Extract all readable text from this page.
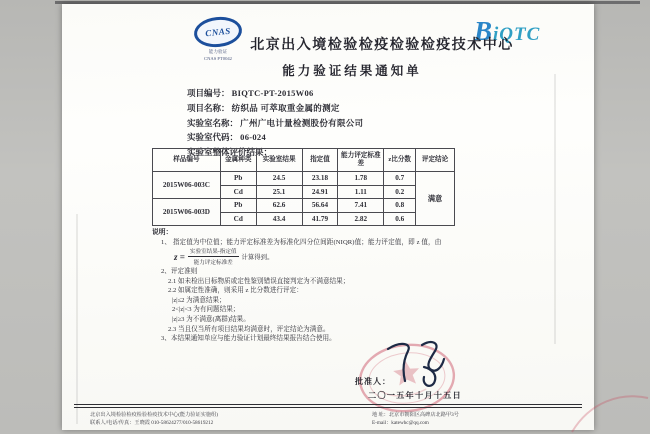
CNAS
能力验证
CNAS PT0042
BiQTC
北京出入境检验检疫检验检疫技术中心
能力验证结果通知单
项目编号： BIQTC-PT-2015W06
项目名称： 纺织品 可萃取重金属的测定
实验室名称： 广州广电计量检测股份有限公司
实验室代码： 06-024
实验室整体评价结果：
样品编号	金属种类	实验室结果	指定值	能力评定标准差	z比分数	评定结论
2015W06-003C	Pb	24.5	23.18	1.78	0.7	满意
	Cd	25.1	24.91	1.11	0.2	
2015W06-003D	Pb	62.6	56.64	7.41	0.8	
	Cd	43.4	41.79	2.82	0.6	
说明：
1、 指定值为中位值；能力评定标准差为标准化四分位间距(NIQR)值；能力评定值，即 z 值，由
$z = \frac{\text{实验室结果-指定值}}{\text{能力评定标准差}}$ 计算得到。
2、评定准则
2.1 如未检出目标物质或定性鉴别错误直接判定为不满意结果；
2.2 如属定性准确，则采用 z 比分数进行评定：
|z|≤2 为满意结果；
2<|z|<3 为有问题结果；
|z|≥3 为不满意(离群)结果。
2.3 当且仅当所有项目结果均满意时，评定结论为满意。
3、本结果通知单应与能力验证计划最终结果报告结合使用。
批准人：
二〇一五年十月十五日
北京出入境检验检疫检验检疫技术中心(能力验证实施组)
联系人/电话/传真：王晓霞 010-58624277/010-58619212
地 址：北京市朝阳区高碑店北路甲3号
E-mail：katewhc@qq.com
